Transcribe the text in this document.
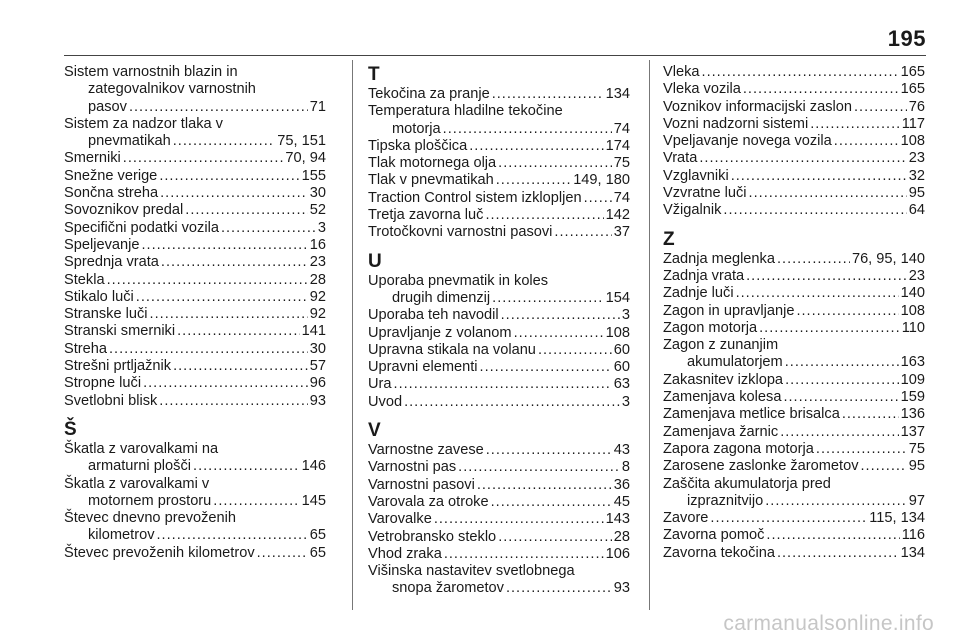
195
Sistem varnostnih blazin in
zategovalnikov varnostnih
pasov .....	71
Sistem za nadzor tlaka v
pnevmatikah .....	75, 151
Smerniki .....	70, 94
Snežne verige .....	155
Sončna streha .....	30
Sovoznikov predal .....	52
Specifični podatki vozila .....	3
Speljevanje .....	16
Sprednja vrata .....	23
Stekla .....	28
Stikalo luči .....	92
Stranske luči .....	92
Stranski smerniki .....	141
Streha .....	30
Strešni prtljažnik .....	57
Stropne luči .....	96
Svetlobni blisk .....	93
Š
Škatla z varovalkami na
armaturni plošči .....	146
Škatla z varovalkami v
motornem prostoru .....	145
Števec dnevno prevoženih
kilometrov .....	65
Števec prevoženih kilometrov .....	65
T
Tekočina za pranje .....	134
Temperatura hladilne tekočine
motorja .....	74
Tipska ploščica .....	174
Tlak motornega olja .....	75
Tlak v pnevmatikah .....	149, 180
Traction Control sistem izklopljen ..... 74
Tretja zavorna luč .....	142
Trotočkovni varnostni pasovi .....	37
U
Uporaba pnevmatik in koles
drugih dimenzij .....	154
Uporaba teh navodil .....	3
Upravljanje z volanom .....	108
Upravna stikala na volanu .....	60
Upravni elementi .....	60
Ura .....	63
Uvod .....	3
V
Varnostne zavese .....	43
Varnostni pas .....	8
Varnostni pasovi .....	36
Varovala za otroke .....	45
Varovalke .....	143
Vetrobransko steklo .....	28
Vhod zraka .....	106
Višinska nastavitev svetlobnega
snopa žarometov .....	93
Vleka .....	165
Vleka vozila .....	165
Voznikov informacijski zaslon .....	76
Vozni nadzorni sistemi .....	117
Vpeljavanje novega vozila .....	108
Vrata .....	23
Vzglavniki .....	32
Vzvratne luči .....	95
Vžigalnik .....	64
Z
Zadnja meglenka .....	76, 95, 140
Zadnja vrata .....	23
Zadnje luči .....	140
Zagon in upravljanje .....	108
Zagon motorja .....	110
Zagon z zunanjim
akumulatorjem .....	163
Zakasnitev izklopa .....	109
Zamenjava kolesa .....	159
Zamenjava metlice brisalca .....	136
Zamenjava žarnic .....	137
Zapora zagona motorja .....	75
Zarosene zaslonke žarometov .....	95
Zaščita akumulatorja pred
izpraznitvijo .....	97
Zavore .....	115, 134
Zavorna pomoč .....	116
Zavorna tekočina .....	134
carmanualsonline.info
